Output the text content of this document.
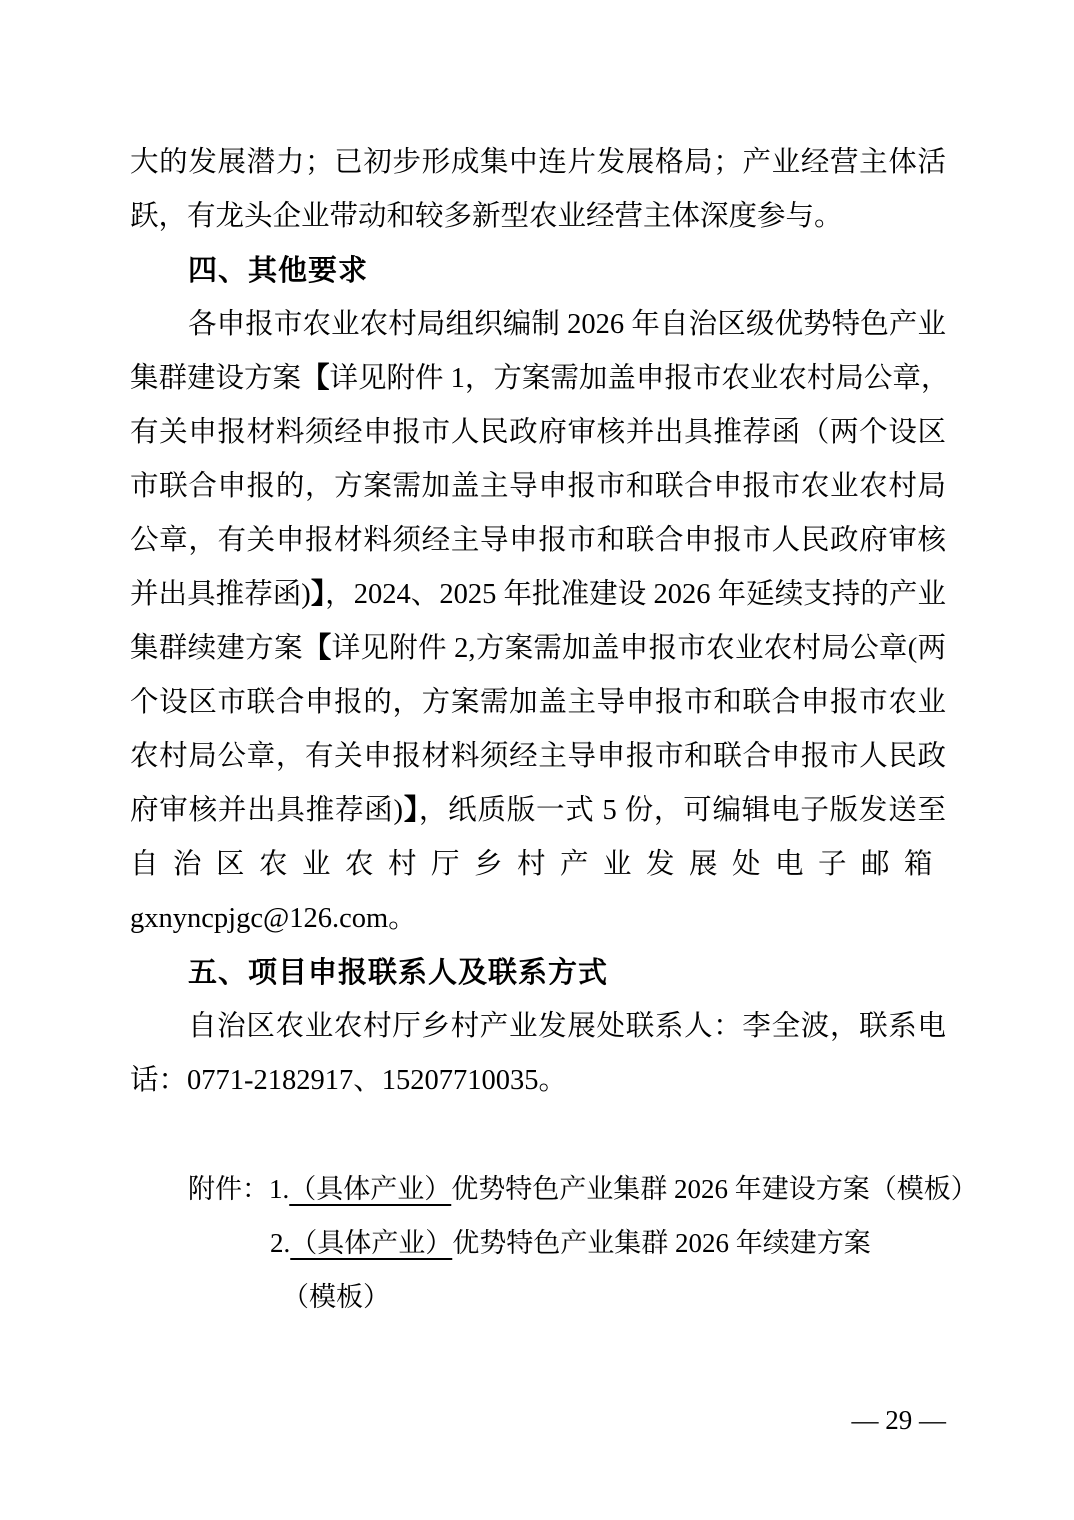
大的发展潜力；已初步形成集中连片发展格局；产业经营主体活
跃，有龙头企业带动和较多新型农业经营主体深度参与。
四、其他要求
各申报市农业农村局组织编制 2026 年自治区级优势特色产业
集群建设方案【详见附件 1，方案需加盖申报市农业农村局公章，
有关申报材料须经申报市人民政府审核并出具推荐函（两个设区
市联合申报的，方案需加盖主导申报市和联合申报市农业农村局
公章，有关申报材料须经主导申报市和联合申报市人民政府审核
并出具推荐函)】，2024、2025 年批准建设 2026 年延续支持的产业
集群续建方案【详见附件 2,方案需加盖申报市农业农村局公章(两
个设区市联合申报的，方案需加盖主导申报市和联合申报市农业
农村局公章，有关申报材料须经主导申报市和联合申报市人民政
府审核并出具推荐函)】，纸质版一式 5 份，可编辑电子版发送至
自治区农业农村厅乡村产业发展处电子邮箱
gxnyncpjgc@126.com。
五、项目申报联系人及联系方式
自治区农业农村厅乡村产业发展处联系人：李全波，联系电
话：0771-2182917、15207710035。
附件：1.（具体产业）优势特色产业集群 2026 年建设方案（模板）
2.（具体产业）优势特色产业集群 2026 年续建方案
（模板）
— 29 —
